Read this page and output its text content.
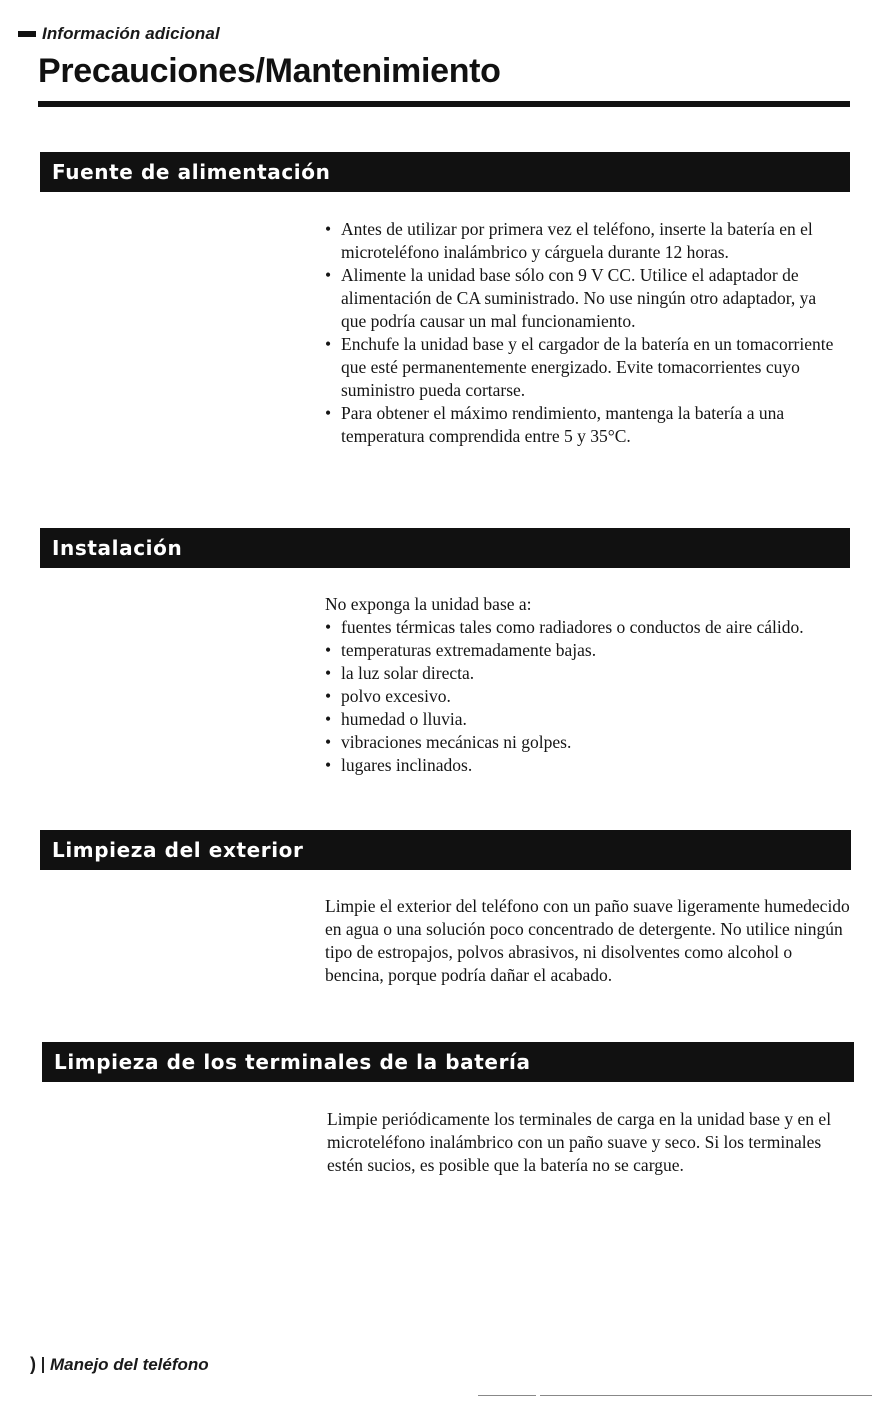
Información adicional
Precauciones/Mantenimiento
Fuente de alimentación
• Antes de utilizar por primera vez el teléfono, inserte la batería en el microteléfono inalámbrico y cárguela durante 12 horas.
• Alimente la unidad base sólo con 9 V CC. Utilice el adaptador de alimentación de CA suministrado. No use ningún otro adaptador, ya que podría causar un mal funcionamiento.
• Enchufe la unidad base y el cargador de la batería en un tomacorriente que esté permanentemente energizado. Evite tomacorrientes cuyo suministro pueda cortarse.
• Para obtener el máximo rendimiento, mantenga la batería a una temperatura comprendida entre 5 y 35°C.
Instalación

No exponga la unidad base a:

• fuentes térmicas tales como radiadores o conductos de aire cálido.
• temperaturas extremadamente bajas.
• la luz solar directa.
• polvo excesivo.
• humedad o lluvia.
• vibraciones mecánicas ni golpes.
• lugares inclinados.
Limpieza del exterior

Limpie el exterior del teléfono con un paño suave ligeramente humedecido en agua o una solución poco concentrado de detergente. No utilice ningún tipo de estropajos, polvos abrasivos, ni disolventes como alcohol o bencina, porque podría dañar el acabado.

Limpieza de los terminales de la batería

Limpie periódicamente los terminales de carga en la unidad base y en el microteléfono inalámbrico con un paño suave y seco. Si los terminales estén sucios, es posible que la batería no se cargue.

) Manejo del teléfono
